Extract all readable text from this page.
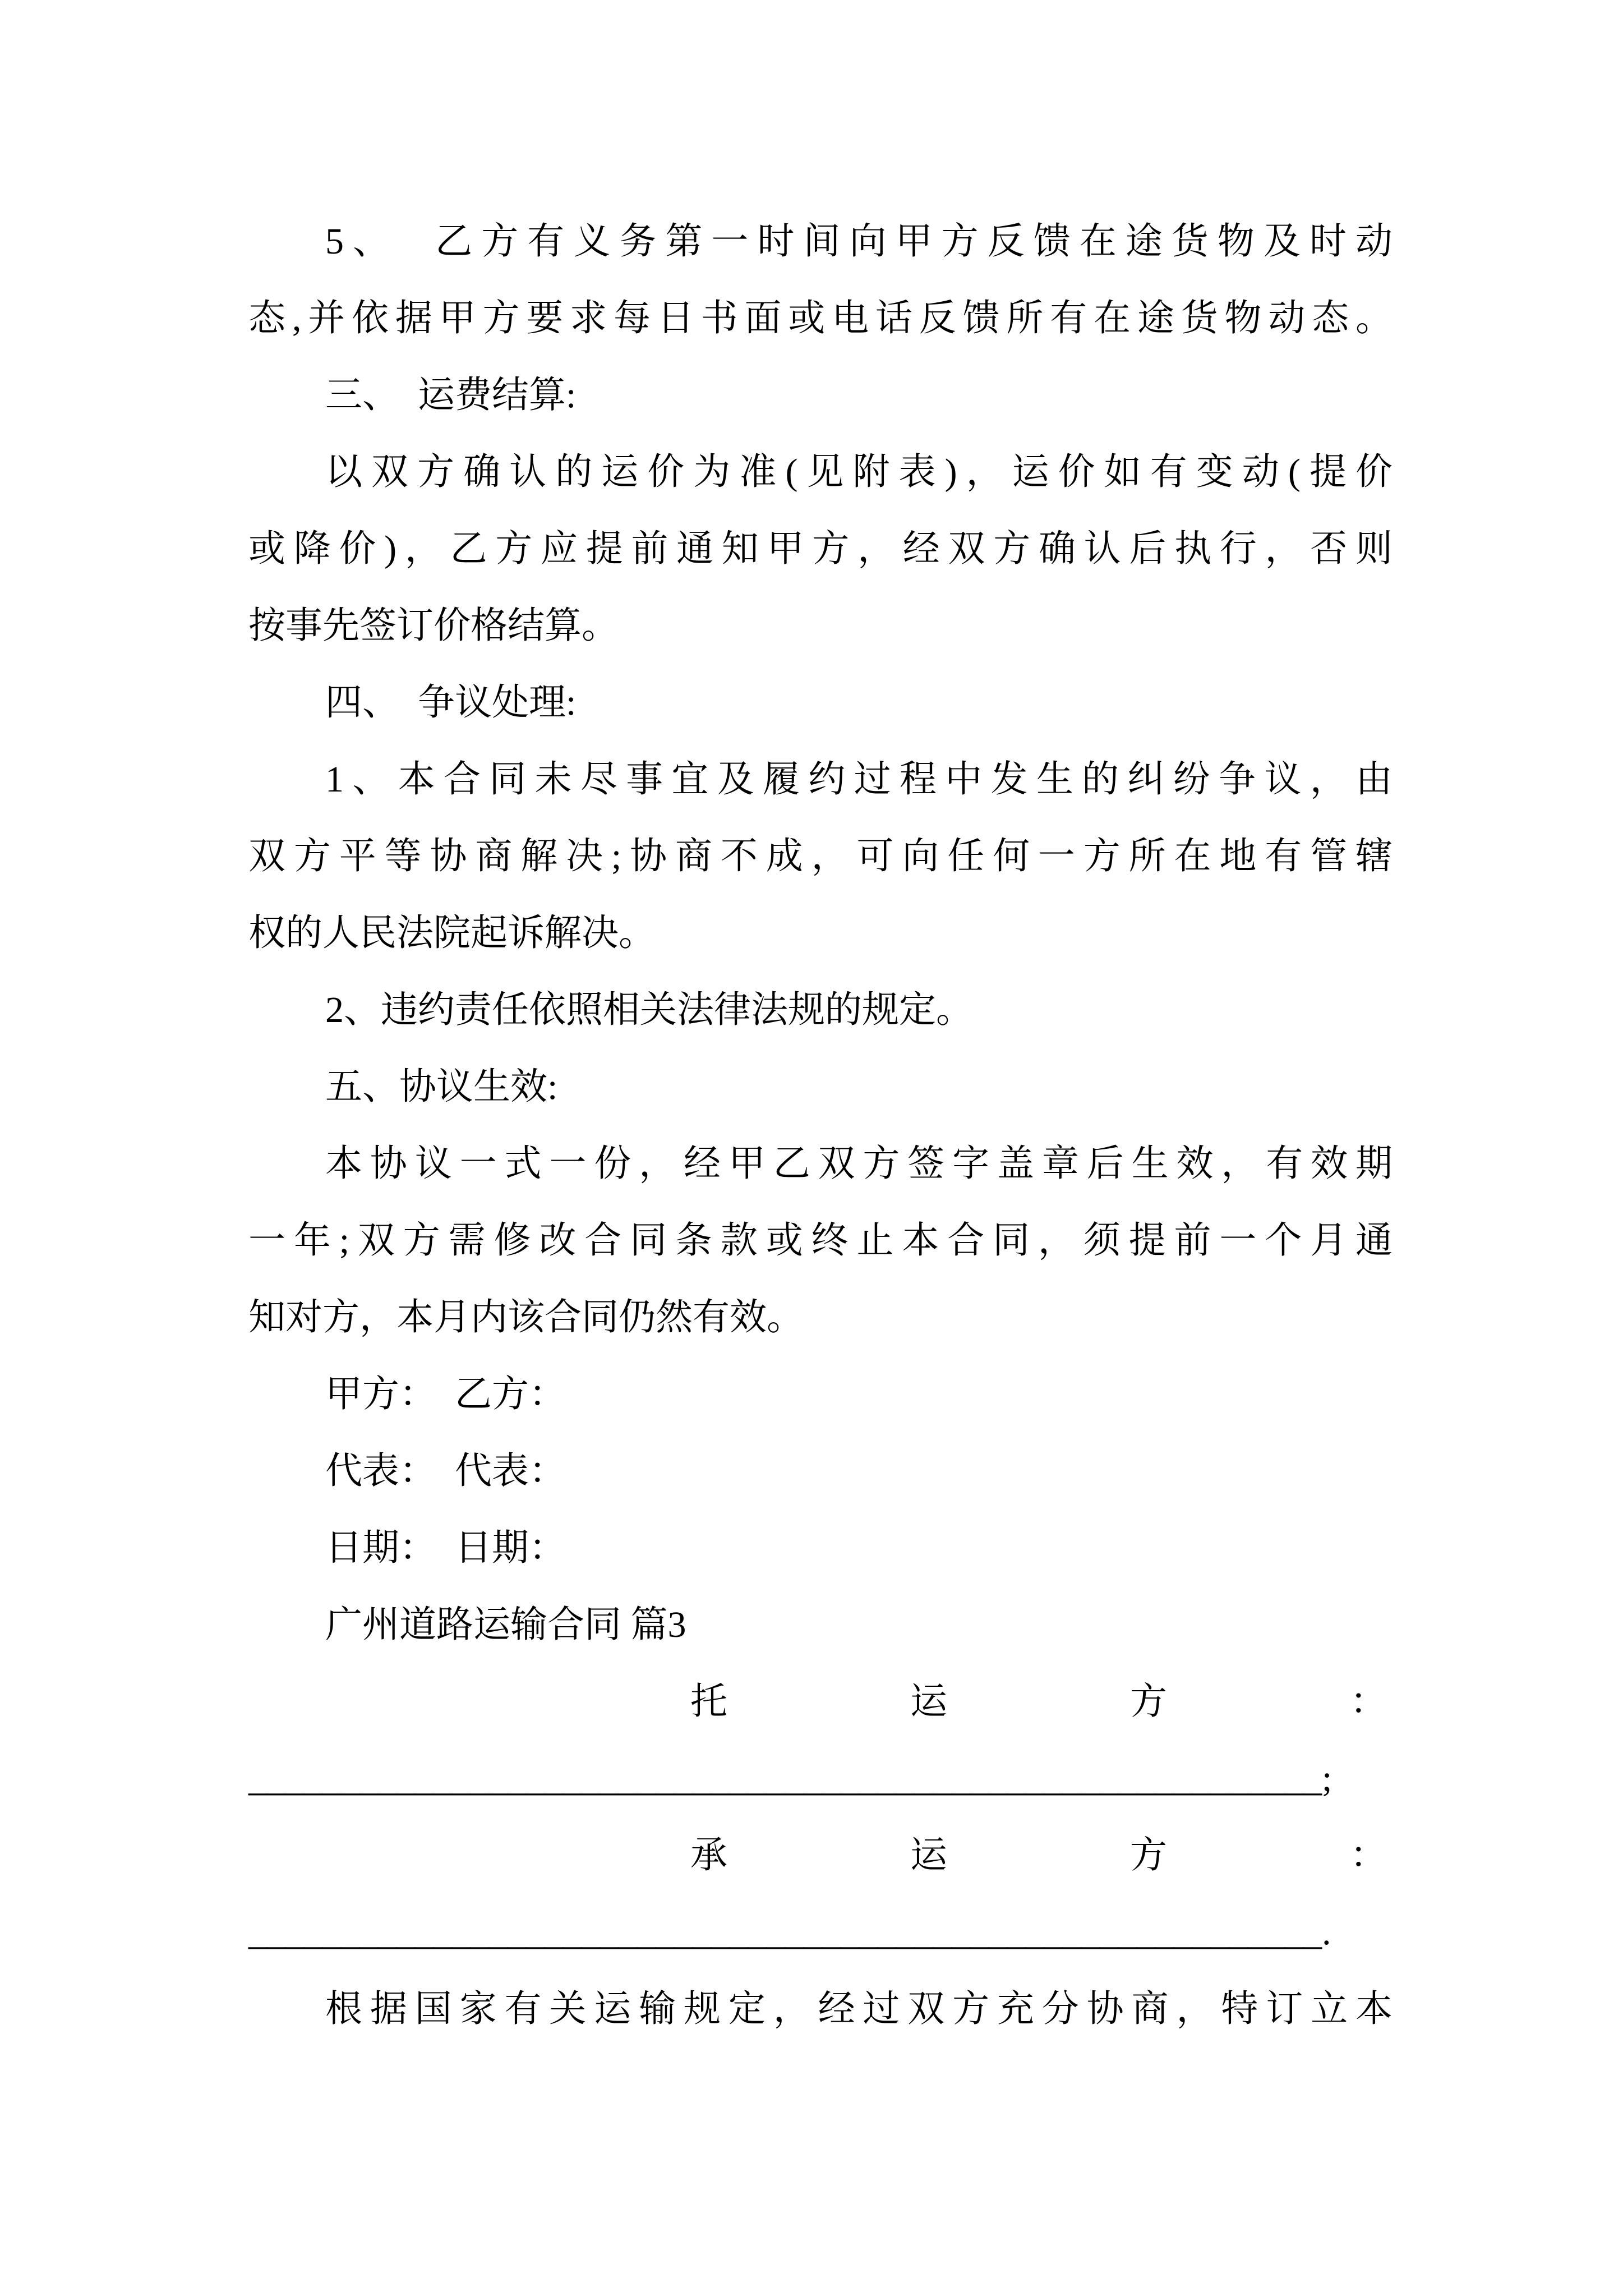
5、  乙方有义务第一时间向甲方反馈在途货物及时动
态,并依据甲方要求每日书面或电话反馈所有在途货物动态。
三、  运费结算:
以双方确认的运价为准(见附表)，运价如有变动(提价
或降价)，乙方应提前通知甲方，经双方确认后执行，否则
按事先签订价格结算。
四、  争议处理:
1、本合同未尽事宜及履约过程中发生的纠纷争议，由
双方平等协商解决;协商不成，可向任何一方所在地有管辖
权的人民法院起诉解决。
2、违约责任依照相关法律法规的规定。
五、协议生效:
本协议一式一份，经甲乙双方签字盖章后生效，有效期
一年;双方需修改合同条款或终止本合同，须提前一个月通
知对方，本月内该合同仍然有效。
甲方：  乙方：
代表：  代表：
日期：  日期：
广州道路运输合同 篇3
托运方：
__________________________________________________________;
承运方：
__________________________________________________________.
根据国家有关运输规定，经过双方充分协商，特订立本
